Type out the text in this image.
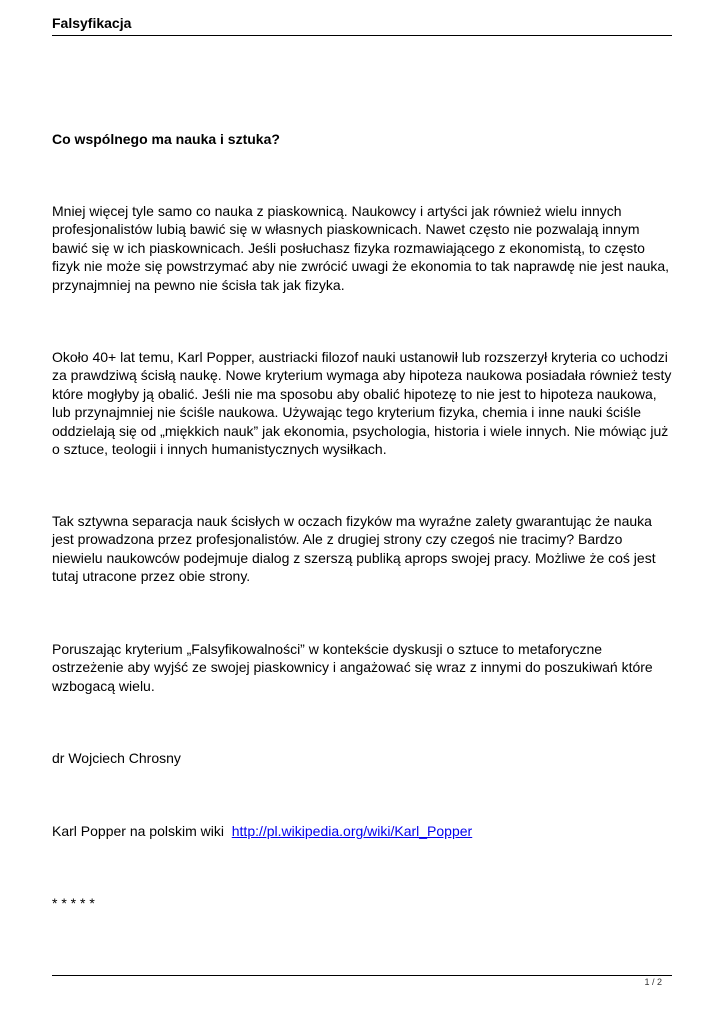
Falsyfikacja
Co wspólnego ma nauka i sztuka?

Mniej więcej tyle samo co nauka z piaskownicą. Naukowcy i artyści jak również wielu innych profesjonalistów lubią bawić się w własnych piaskownicach. Nawet często nie pozwalają innym bawić się w ich piaskownicach. Jeśli posłuchasz fizyka rozmawiającego z ekonomistą, to często fizyk nie może się powstrzymać aby nie zwrócić uwagi że ekonomia to tak naprawdę nie jest nauka, przynajmniej na pewno nie ścisła tak jak fizyka.

Około 40+ lat temu, Karl Popper, austriacki filozof nauki ustanowił lub rozszerzył kryteria co uchodzi za prawdziwą ścisłą naukę. Nowe kryterium wymaga aby hipoteza naukowa posiadała również testy które mogłyby ją obalić. Jeśli nie ma sposobu aby obalić hipotezę to nie jest to hipoteza naukowa, lub przynajmniej nie ściśle naukowa. Używając tego kryterium fizyka, chemia i inne nauki ściśle oddzielają się od „miękkich nauk” jak ekonomia, psychologia, historia i wiele innych. Nie mówiąc już o sztuce, teologii i innych humanistycznych wysiłkach.

Tak sztywna separacja nauk ścisłych w oczach fizyków ma wyraźne zalety gwarantując że nauka jest prowadzona przez profesjonalistów. Ale z drugiej strony czy czegoś nie tracimy? Bardzo niewielu naukowców podejmuje dialog z szerszą publiką aprops swojej pracy. Możliwe że coś jest tutaj utracone przez obie strony.

Poruszając kryterium „Falsyfikowalności” w kontekście dyskusji o sztuce to metaforyczne ostrzeżenie aby wyjść ze swojej piaskownicy i angażować się wraz z innymi do poszukiwań które wzbogacą wielu.

dr Wojciech Chrosny

Karl Popper na polskim wiki  http://pl.wikipedia.org/wiki/Karl_Popper

* * * * *

1 / 2
